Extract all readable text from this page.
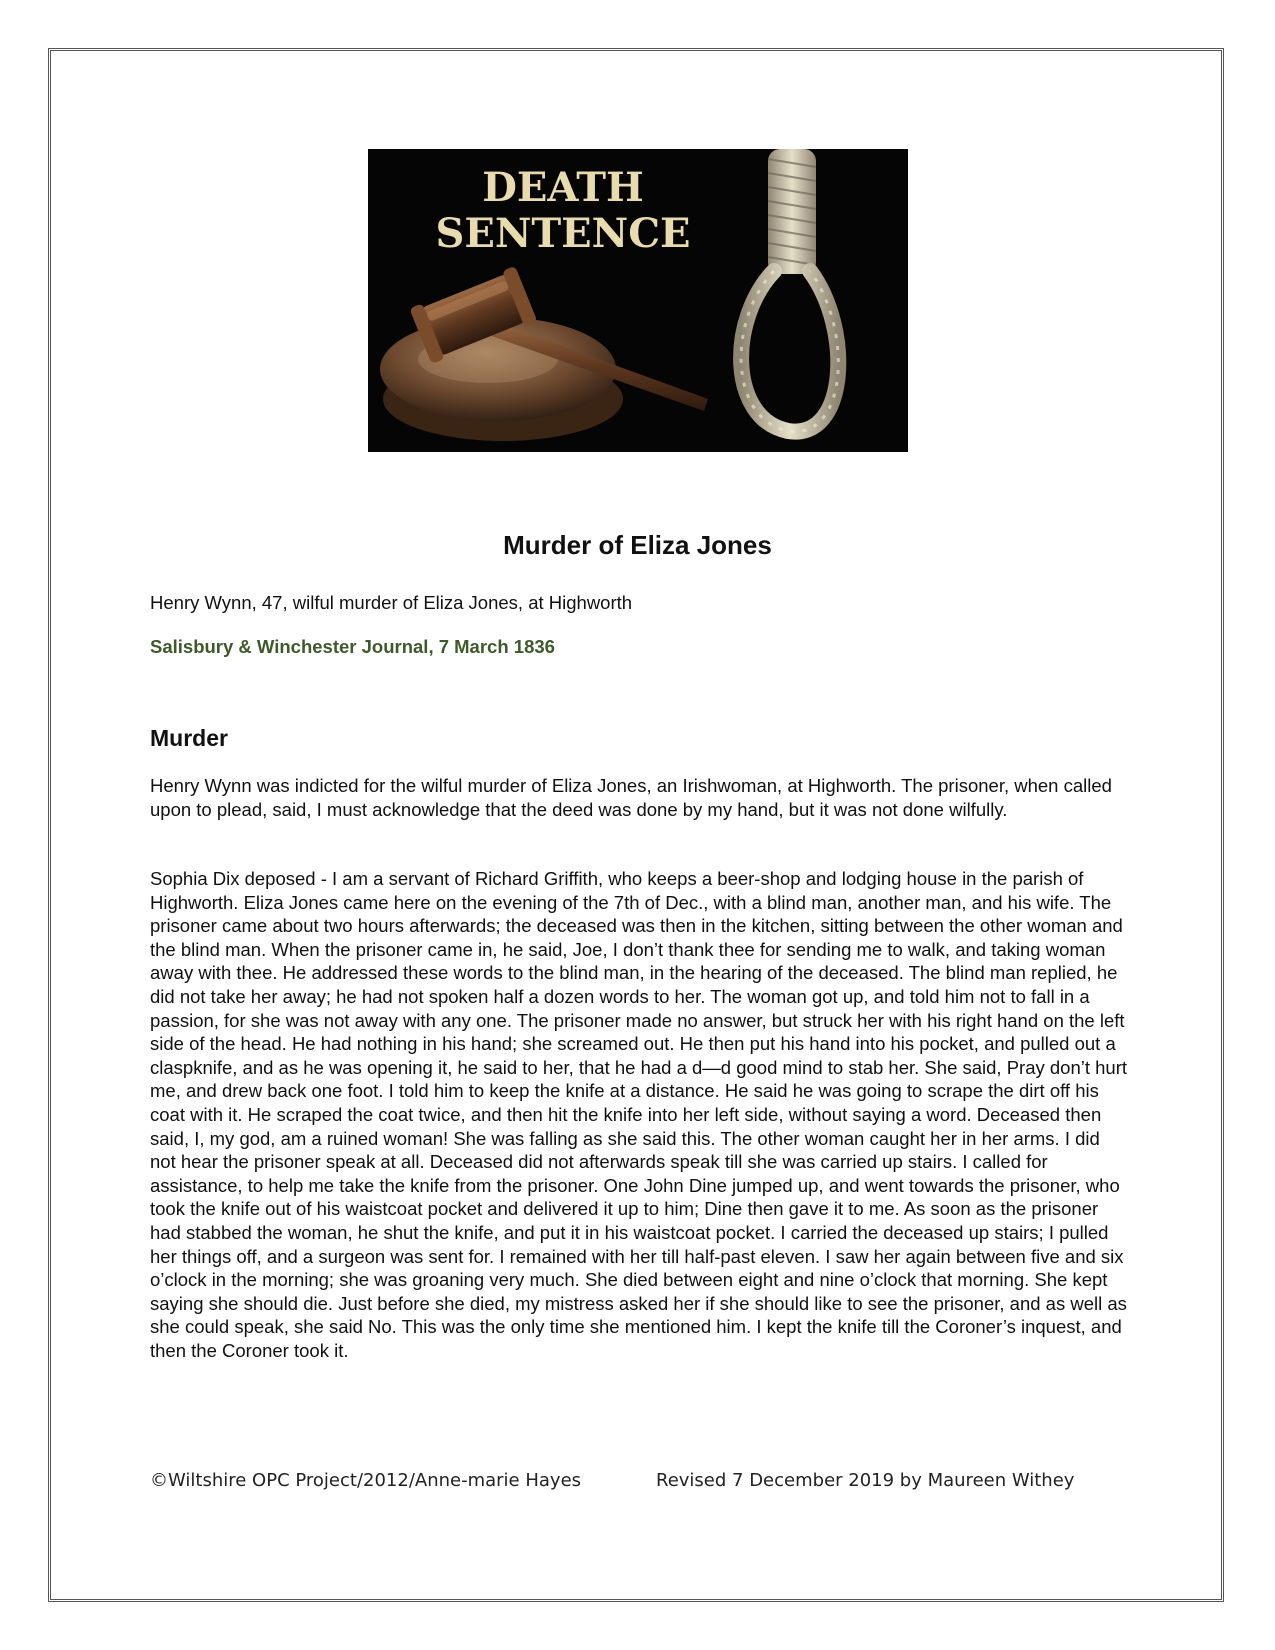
DEATH
SENTENCE
Murder of Eliza Jones
Henry Wynn, 47, wilful murder of Eliza Jones, at Highworth
Salisbury & Winchester Journal, 7 March 1836
Murder

Henry Wynn was indicted for the wilful murder of Eliza Jones, an Irishwoman, at Highworth. The prisoner, when called upon to plead, said, I must acknowledge that the deed was done by my hand, but it was not done wilfully.

Sophia Dix deposed - I am a servant of Richard Griffith, who keeps a beer-shop and lodging house in the parish of Highworth. Eliza Jones came here on the evening of the 7th of Dec., with a blind man, another man, and his wife. The prisoner came about two hours afterwards; the deceased was then in the kitchen, sitting between the other woman and the blind man. When the prisoner came in, he said, Joe, I don’t thank thee for sending me to walk, and taking woman away with thee. He addressed these words to the blind man, in the hearing of the deceased. The blind man replied, he did not take her away; he had not spoken half a dozen words to her. The woman got up, and told him not to fall in a passion, for she was not away with any one. The prisoner made no answer, but struck her with his right hand on the left side of the head. He had nothing in his hand; she screamed out. He then put his hand into his pocket, and pulled out a claspknife, and as he was opening it, he said to her, that he had a d—d good mind to stab her. She said, Pray don’t hurt me, and drew back one foot. I told him to keep the knife at a distance. He said he was going to scrape the dirt off his coat with it. He scraped the coat twice, and then hit the knife into her left side, without saying a word. Deceased then said, I, my god, am a ruined woman! She was falling as she said this. The other woman caught her in her arms. I did not hear the prisoner speak at all. Deceased did not afterwards speak till she was carried up stairs. I called for assistance, to help me take the knife from the prisoner. One John Dine jumped up, and went towards the prisoner, who took the knife out of his waistcoat pocket and delivered it up to him; Dine then gave it to me. As soon as the prisoner had stabbed the woman, he shut the knife, and put it in his waistcoat pocket. I carried the deceased up stairs; I pulled her things off, and a surgeon was sent for. I remained with her till half-past eleven. I saw her again between five and six o’clock in the morning; she was groaning very much. She died between eight and nine o’clock that morning. She kept saying she should die. Just before she died, my mistress asked her if she should like to see the prisoner, and as well as she could speak, she said No. This was the only time she mentioned him. I kept the knife till the Coroner’s inquest, and then the Coroner took it.

©Wiltshire OPC Project/2012/Anne-marie Hayes	Revised 7 December 2019 by Maureen Withey
